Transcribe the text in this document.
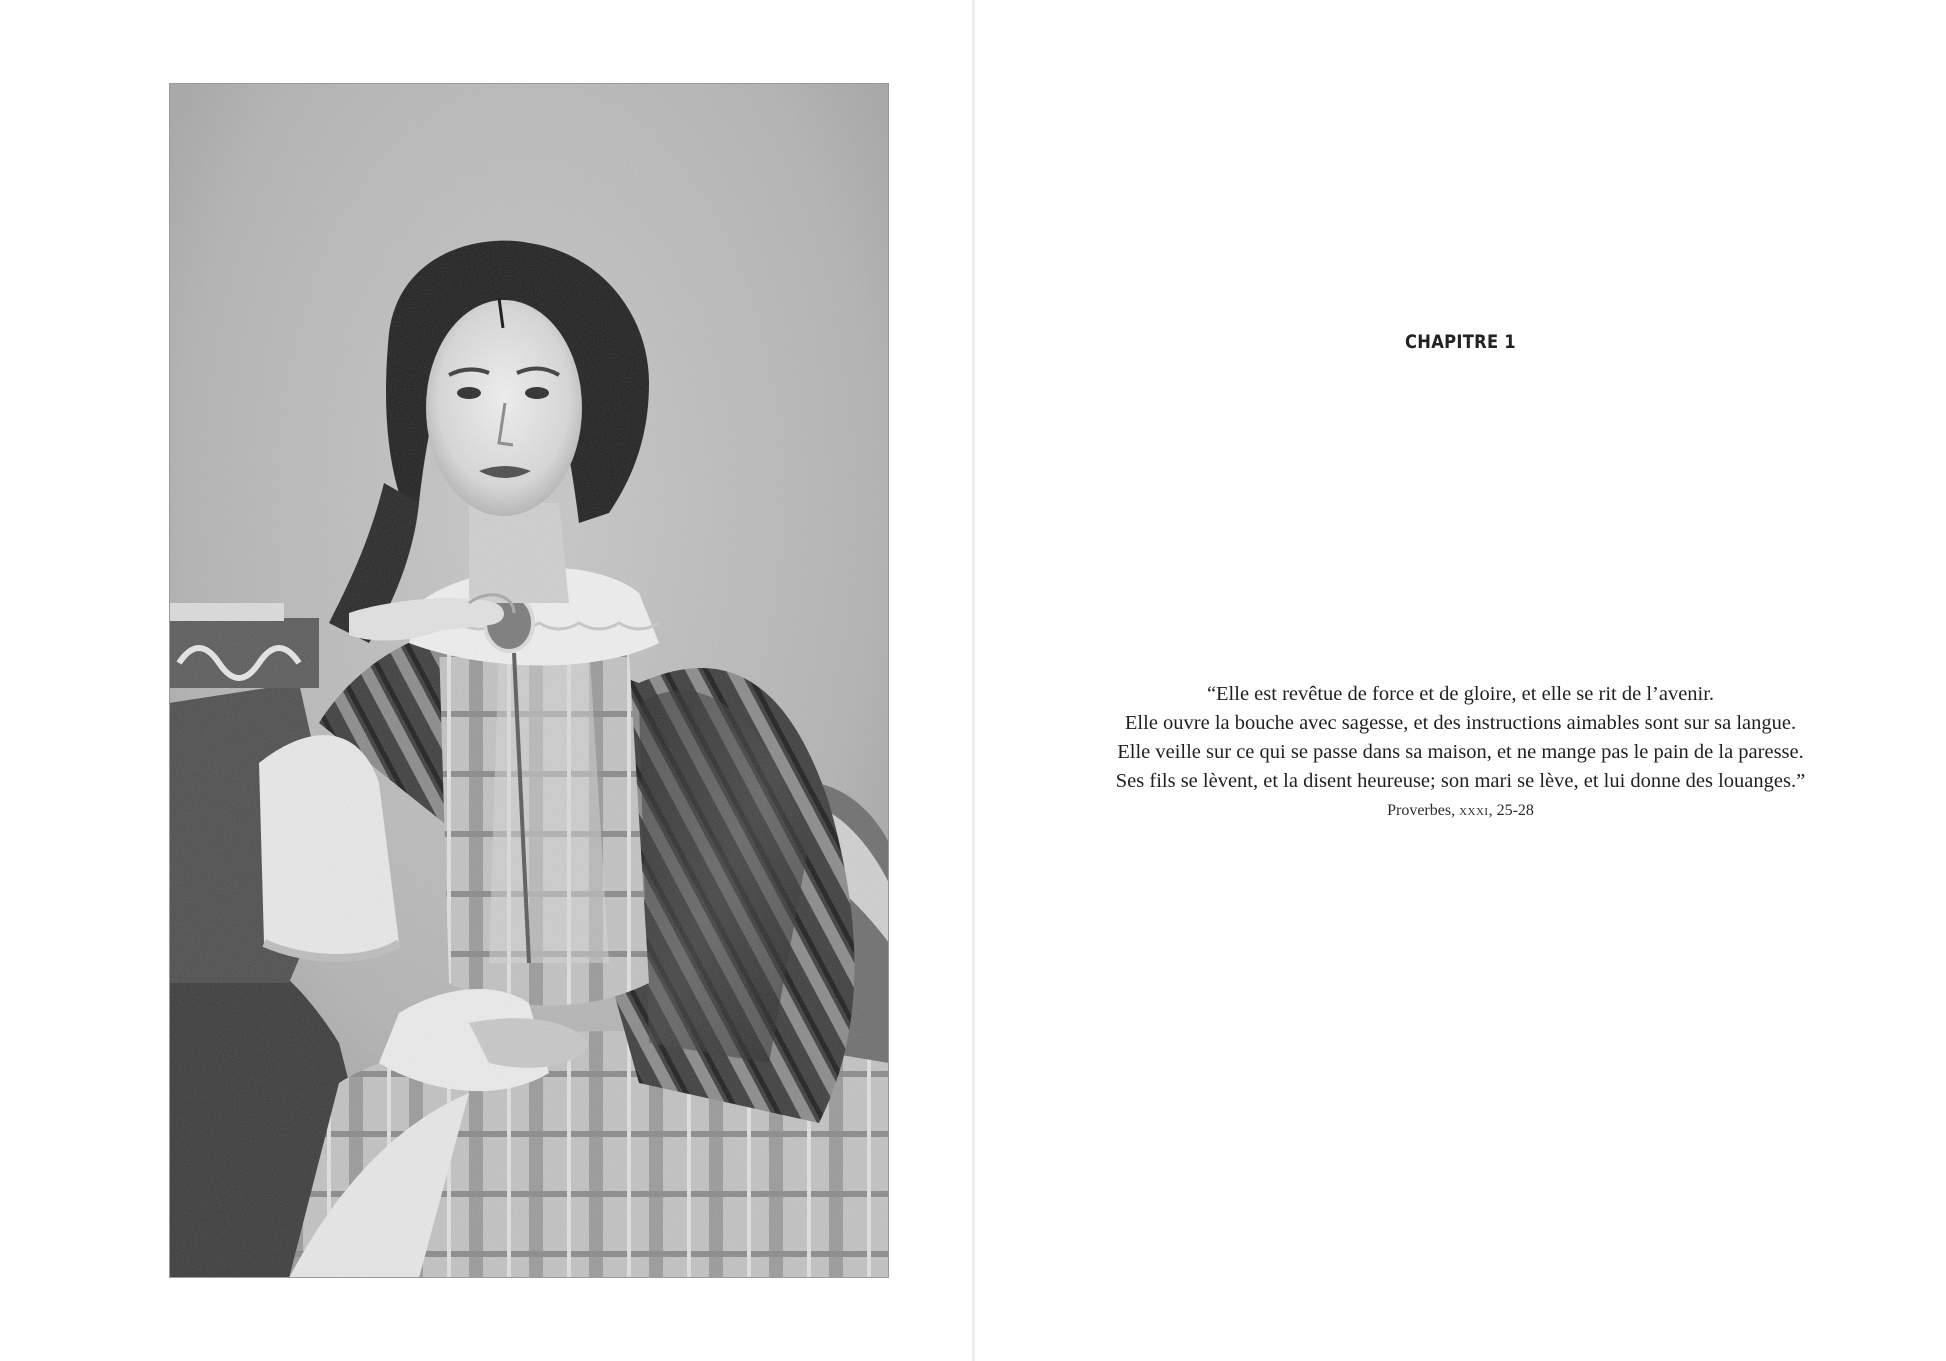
CHAPITRE 1
“Elle est revêtue de force et de gloire, et elle se rit de l’avenir.
Elle ouvre la bouche avec sagesse, et des instructions aimables sont sur sa langue.
Elle veille sur ce qui se passe dans sa maison, et ne mange pas le pain de la paresse.
Ses fils se lèvent, et la disent heureuse; son mari se lève, et lui donne des louanges.”
Proverbes, xxxi, 25-28
